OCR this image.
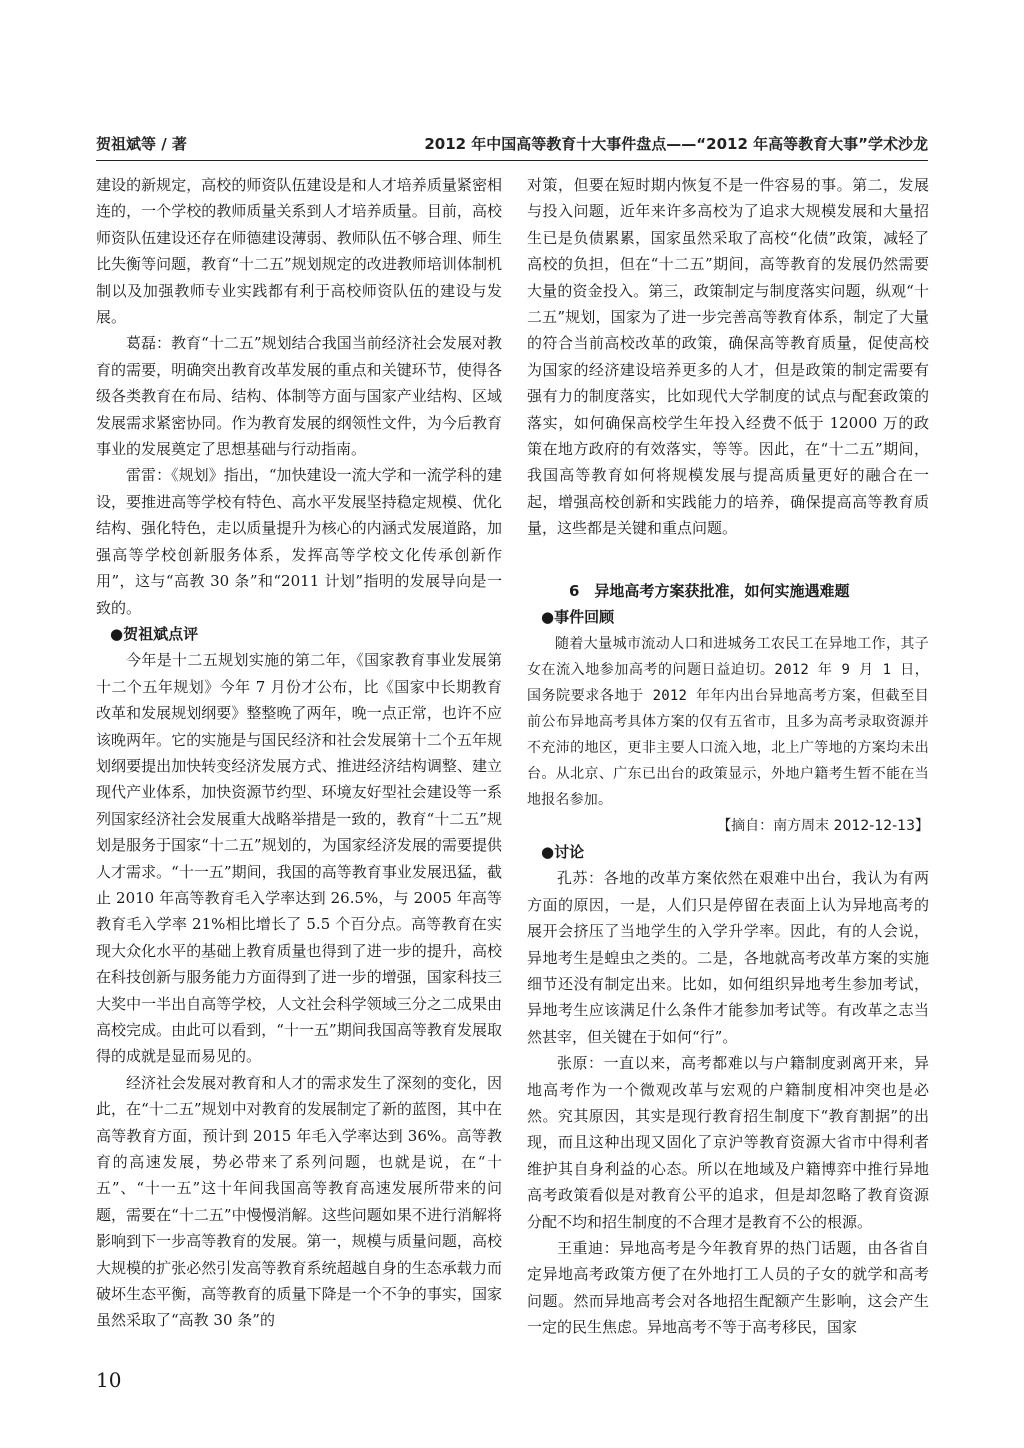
贺祖斌等 / 著	2012 年中国高等教育十大事件盘点——“2012 年高等教育大事”学术沙龙

建设的新规定，高校的师资队伍建设是和人才培养质量紧密相连的，一个学校的教师质量关系到人才培养质量。目前，高校师资队伍建设还存在师德建设薄弱、教师队伍不够合理、师生比失衡等问题，教育“十二五”规划规定的改进教师培训体制机制以及加强教师专业实践都有利于高校师资队伍的建设与发展。

葛磊：教育“十二五”规划结合我国当前经济社会发展对教育的需要，明确突出教育改革发展的重点和关键环节，使得各级各类教育在布局、结构、体制等方面与国家产业结构、区域发展需求紧密协同。作为教育发展的纲领性文件，为今后教育事业的发展奠定了思想基础与行动指南。

雷雷：《规划》指出，“加快建设一流大学和一流学科的建设，要推进高等学校有特色、高水平发展坚持稳定规模、优化结构、强化特色，走以质量提升为核心的内涵式发展道路，加强高等学校创新服务体系，发挥高等学校文化传承创新作用”，这与“高教 30 条”和“2011 计划”指明的发展导向是一致的。

●贺祖斌点评

今年是十二五规划实施的第二年，《国家教育事业发展第十二个五年规划》今年 7 月份才公布，比《国家中长期教育改革和发展规划纲要》整整晚了两年，晚一点正常，也许不应该晚两年。它的实施是与国民经济和社会发展第十二个五年规划纲要提出加快转变经济发展方式、推进经济结构调整、建立现代产业体系，加快资源节约型、环境友好型社会建设等一系列国家经济社会发展重大战略举措是一致的，教育“十二五”规划是服务于国家“十二五”规划的，为国家经济发展的需要提供人才需求。“十一五”期间，我国的高等教育事业发展迅猛，截止 2010 年高等教育毛入学率达到 26.5%，与 2005 年高等教育毛入学率 21%相比增长了 5.5 个百分点。高等教育在实现大众化水平的基础上教育质量也得到了进一步的提升，高校在科技创新与服务能力方面得到了进一步的增强，国家科技三大奖中一半出自高等学校，人文社会科学领域三分之二成果由高校完成。由此可以看到，“十一五”期间我国高等教育发展取得的成就是显而易见的。

经济社会发展对教育和人才的需求发生了深刻的变化，因此，在“十二五”规划中对教育的发展制定了新的蓝图，其中在高等教育方面，预计到 2015 年毛入学率达到 36%。高等教育的高速发展，势必带来了系列问题，也就是说，在“十五”、“十一五”这十年间我国高等教育高速发展所带来的问题，需要在“十二五”中慢慢消解。这些问题如果不进行消解将影响到下一步高等教育的发展。第一，规模与质量问题，高校大规模的扩张必然引发高等教育系统超越自身的生态承载力而破坏生态平衡，高等教育的质量下降是一个不争的事实，国家虽然采取了“高教 30 条”的

对策，但要在短时期内恢复不是一件容易的事。第二，发展与投入问题，近年来许多高校为了追求大规模发展和大量招生已是负债累累，国家虽然采取了高校“化债”政策，减轻了高校的负担，但在“十二五”期间，高等教育的发展仍然需要大量的资金投入。第三，政策制定与制度落实问题，纵观“十二五”规划，国家为了进一步完善高等教育体系，制定了大量的符合当前高校改革的政策，确保高等教育质量，促使高校为国家的经济建设培养更多的人才，但是政策的制定需要有强有力的制度落实，比如现代大学制度的试点与配套政策的落实，如何确保高校学生年投入经费不低于 12000 万的政策在地方政府的有效落实，等等。因此，在“十二五”期间，我国高等教育如何将规模发展与提高质量更好的融合在一起，增强高校创新和实践能力的培养，确保提高高等教育质量，这些都是关键和重点问题。

6　异地高考方案获批准，如何实施遇难题
●事件回顾

随着大量城市流动人口和进城务工农民工在异地工作，其子女在流入地参加高考的问题日益迫切。2012 年 9 月 1 日，国务院要求各地于 2012 年年内出台异地高考方案，但截至目前公布异地高考具体方案的仅有五省市，且多为高考录取资源并不充沛的地区，更非主要人口流入地，北上广等地的方案均未出台。从北京、广东已出台的政策显示，外地户籍考生暂不能在当地报名参加。

【摘自：南方周末 2012-12-13】

●讨论

孔苏：各地的改革方案依然在艰难中出台，我认为有两方面的原因，一是，人们只是停留在表面上认为异地高考的展开会挤压了当地学生的入学升学率。因此，有的人会说，异地考生是蝗虫之类的。二是，各地就高考改革方案的实施细节还没有制定出来。比如，如何组织异地考生参加考试，异地考生应该满足什么条件才能参加考试等。有改革之志当然甚宰，但关键在于如何“行”。

张原：一直以来，高考都难以与户籍制度剥离开来，异地高考作为一个微观改革与宏观的户籍制度相冲突也是必然。究其原因，其实是现行教育招生制度下“教育割据”的出现，而且这种出现又固化了京沪等教育资源大省市中得利者维护其自身利益的心态。所以在地域及户籍博弈中推行异地高考政策看似是对教育公平的追求，但是却忽略了教育资源分配不均和招生制度的不合理才是教育不公的根源。

王重迪：异地高考是今年教育界的热门话题，由各省自定异地高考政策方便了在外地打工人员的子女的就学和高考问题。然而异地高考会对各地招生配额产生影响，这会产生一定的民生焦虑。异地高考不等于高考移民，国家

10
